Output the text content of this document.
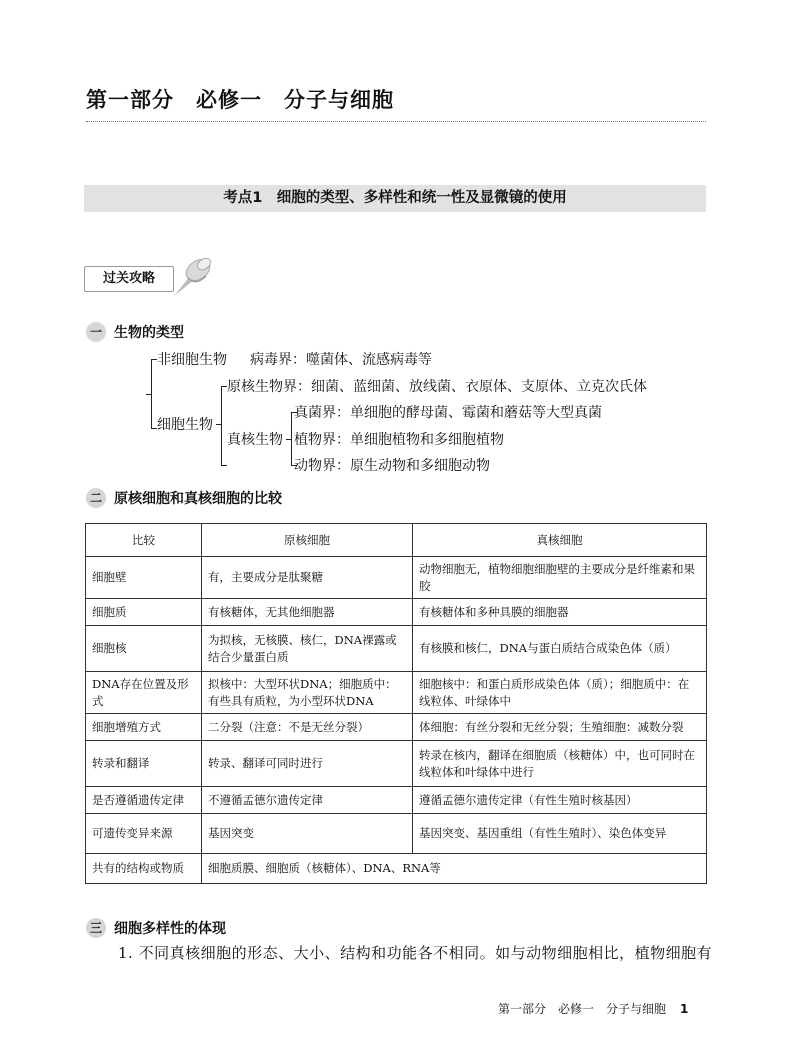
第一部分 必修一 分子与细胞
考点1　细胞的类型、多样性和统一性及显微镜的使用
过关攻略
一 生物的类型
非细胞生物 病毒界：噬菌体、流感病毒等
细胞生物
原核生物界：细菌、蓝细菌、放线菌、衣原体、支原体、立克次氏体
真核生物
真菌界：单细胞的酵母菌、霉菌和蘑菇等大型真菌
植物界：单细胞植物和多细胞植物
动物界：原生动物和多细胞动物
二 原核细胞和真核细胞的比较
比较	原核细胞	真核细胞
细胞壁	有，主要成分是肽聚糖	动物细胞无，植物细胞细胞壁的主要成分是纤维素和果胶
细胞质	有核糖体，无其他细胞器	有核糖体和多种具膜的细胞器
细胞核	为拟核，无核膜、核仁，DNA裸露或结合少量蛋白质	有核膜和核仁，DNA与蛋白质结合成染色体（质）
DNA存在位置及形式	拟核中：大型环状DNA；细胞质中：有些具有质粒，为小型环状DNA	细胞核中：和蛋白质形成染色体（质）；细胞质中：在线粒体、叶绿体中
细胞增殖方式	二分裂（注意：不是无丝分裂）	体细胞：有丝分裂和无丝分裂；生殖细胞：减数分裂
转录和翻译	转录、翻译可同时进行	转录在核内，翻译在细胞质（核糖体）中，也可同时在线粒体和叶绿体中进行
是否遵循遗传定律	不遵循孟德尔遗传定律	遵循孟德尔遗传定律（有性生殖时核基因）
可遗传变异来源	基因突变	基因突变、基因重组（有性生殖时）、染色体变异
共有的结构或物质	细胞质膜、细胞质（核糖体）、DNA、RNA等	
三 细胞多样性的体现
1. 不同真核细胞的形态、大小、结构和功能各不相同。如与动物细胞相比，植物细胞有
第一部分　必修一　分子与细胞 1
